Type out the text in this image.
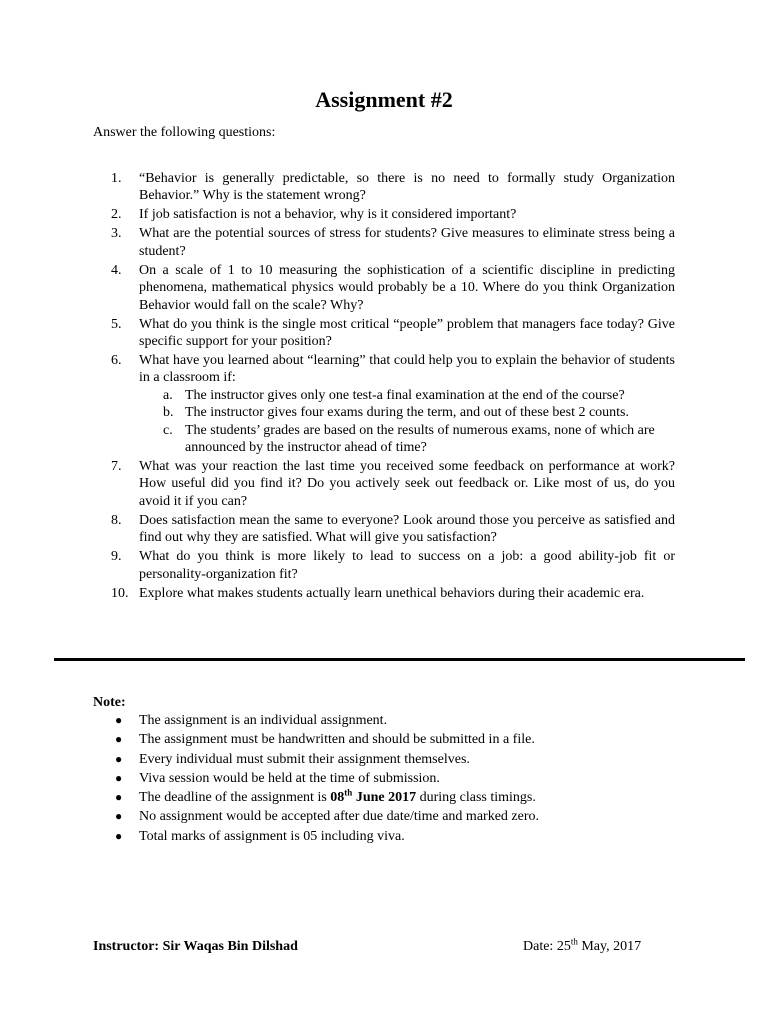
Assignment #2
Answer the following questions:
1.	“Behavior is generally predictable, so there is no need to formally study Organization Behavior.” Why is the statement wrong?
2.	If job satisfaction is not a behavior, why is it considered important?
3.	What are the potential sources of stress for students? Give measures to eliminate stress being a student?
4.	On a scale of 1 to 10 measuring the sophistication of a scientific discipline in predicting phenomena, mathematical physics would probably be a 10. Where do you think Organization Behavior would fall on the scale? Why?
5.	What do you think is the single most critical “people” problem that managers face today? Give specific support for your position?
6.	What have you learned about “learning” that could help you to explain the behavior of students in a classroom if:
a. The instructor gives only one test-a final examination at the end of the course?
b. The instructor gives four exams during the term, and out of these best 2 counts.
c. The students’ grades are based on the results of numerous exams, none of which are announced by the instructor ahead of time?
7.	What was your reaction the last time you received some feedback on performance at work? How useful did you find it? Do you actively seek out feedback or. Like most of us, do you avoid it if you can?
8.	Does satisfaction mean the same to everyone? Look around those you perceive as satisfied and find out why they are satisfied. What will give you satisfaction?
9.	What do you think is more likely to lead to success on a job: a good ability-job fit or personality-organization fit?
10. Explore what makes students actually learn unethical behaviors during their academic era.
Note:
● The assignment is an individual assignment.
● The assignment must be handwritten and should be submitted in a file.
● Every individual must submit their assignment themselves.
● Viva session would be held at the time of submission.
● The deadline of the assignment is 08th June 2017 during class timings.
● No assignment would be accepted after due date/time and marked zero.
● Total marks of assignment is 05 including viva.
Instructor: Sir Waqas Bin Dilshad	Date: 25th May, 2017
